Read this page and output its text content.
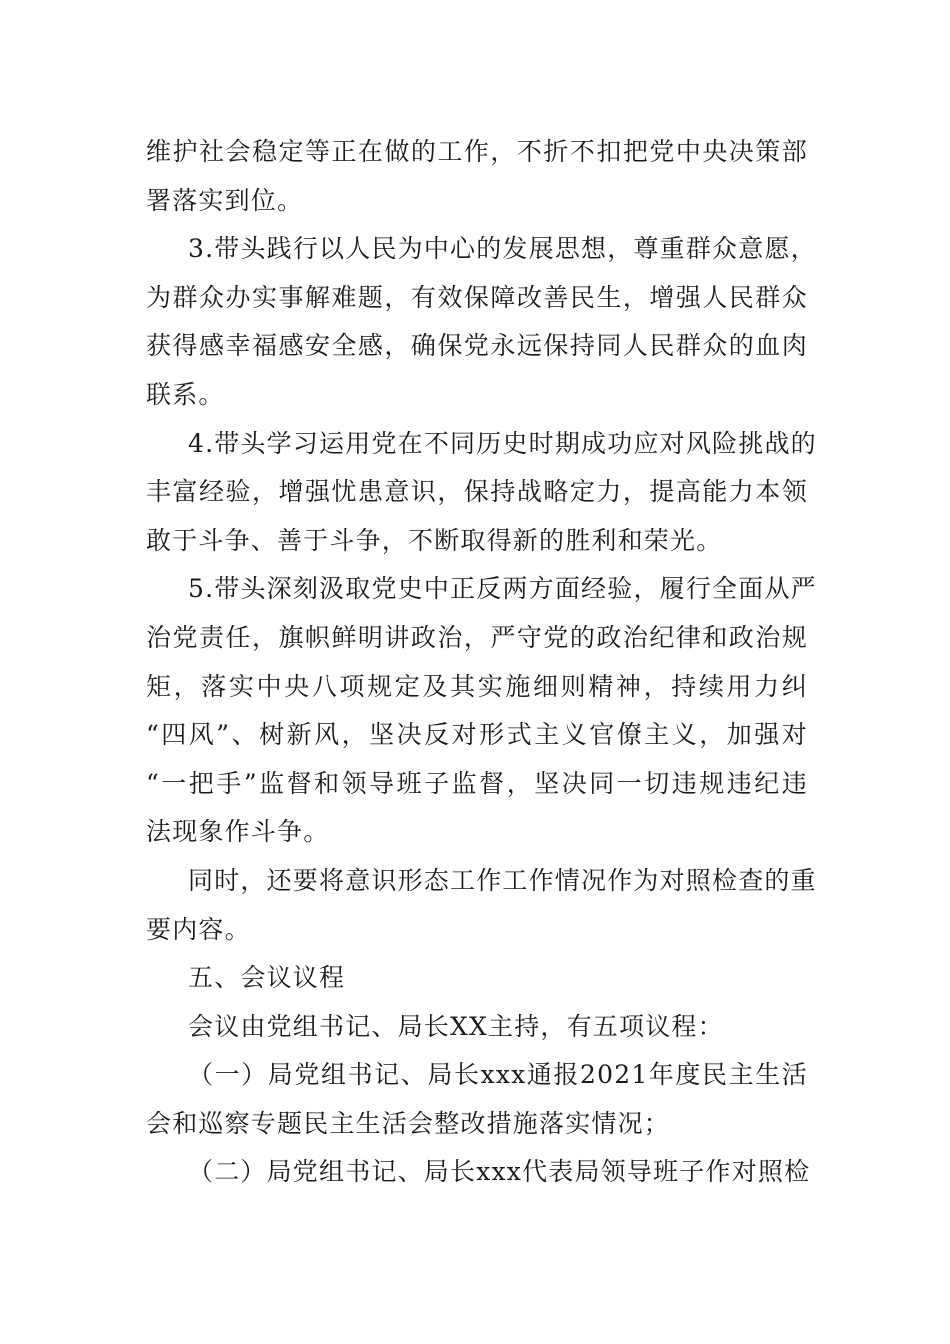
维护社会稳定等正在做的工作，不折不扣把党中央决策部
署落实到位。
3.带头践行以人民为中心的发展思想，尊重群众意愿，
为群众办实事解难题，有效保障改善民生，增强人民群众
获得感幸福感安全感，确保党永远保持同人民群众的血肉
联系。
4.带头学习运用党在不同历史时期成功应对风险挑战的
丰富经验，增强忧患意识，保持战略定力，提高能力本领
敢于斗争、善于斗争，不断取得新的胜利和荣光。
5.带头深刻汲取党史中正反两方面经验，履行全面从严
治党责任，旗帜鲜明讲政治，严守党的政治纪律和政治规
矩，落实中央八项规定及其实施细则精神，持续用力纠
“四风”、树新风，坚决反对形式主义官僚主义，加强对
“一把手”监督和领导班子监督，坚决同一切违规违纪违
法现象作斗争。
同时，还要将意识形态工作工作情况作为对照检查的重
要内容。
五、会议议程
会议由党组书记、局长XX主持，有五项议程：
（一）局党组书记、局长xxx通报2021年度民主生活
会和巡察专题民主生活会整改措施落实情况；
（二）局党组书记、局长xxx代表局领导班子作对照检
